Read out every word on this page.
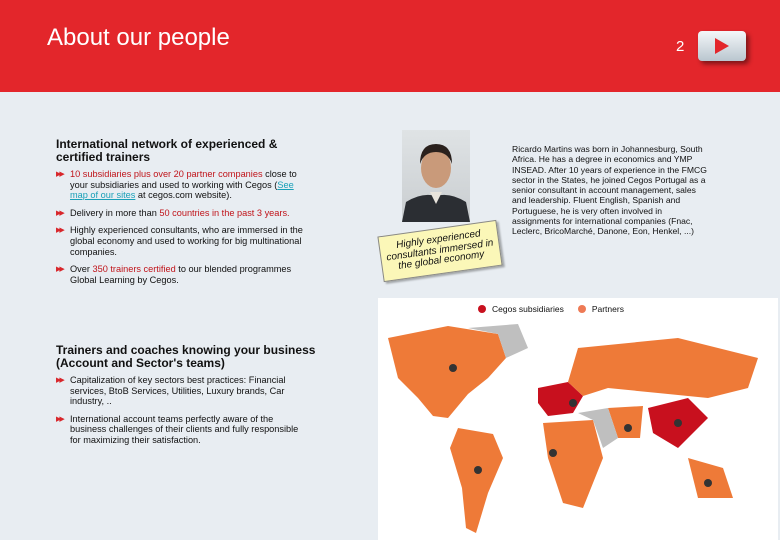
About our people	2
International network of experienced & certified trainers
▶▶ 10 subsidiaries plus over 20 partner companies close to your subsidiaries and used to working with Cegos (See map of our sites at cegos.com website).
▶▶ Delivery in more than 50 countries in the past 3 years.
▶▶ Highly experienced consultants, who are immersed in the global economy and used to working for big multinational companies.
▶▶ Over 350 trainers certified to our blended programmes Global Learning by Cegos.
Trainers and coaches knowing your business (Account and Sector's teams)
▶▶ Capitalization of key sectors best practices: Financial services, BtoB Services, Utilities, Luxury brands, Car industry, ..
▶▶ International account teams perfectly aware of the business challenges of their clients and fully responsible for maximizing their satisfaction.
Ricardo Martins was born in Johannesburg, South Africa. He has a degree in economics and YMP INSEAD. After 10 years of experience in the FMCG sector in the States, he joined Cegos Portugal as a senior consultant in account management, sales and leadership. Fluent English, Spanish and Portuguese, he is very often involved in assignments for international companies (Fnac, Leclerc, BricoMarché, Danone, Eon, Henkel, ...)
Highly experienced consultants immersed in the global economy
Cegos subsidiaries	Partners
